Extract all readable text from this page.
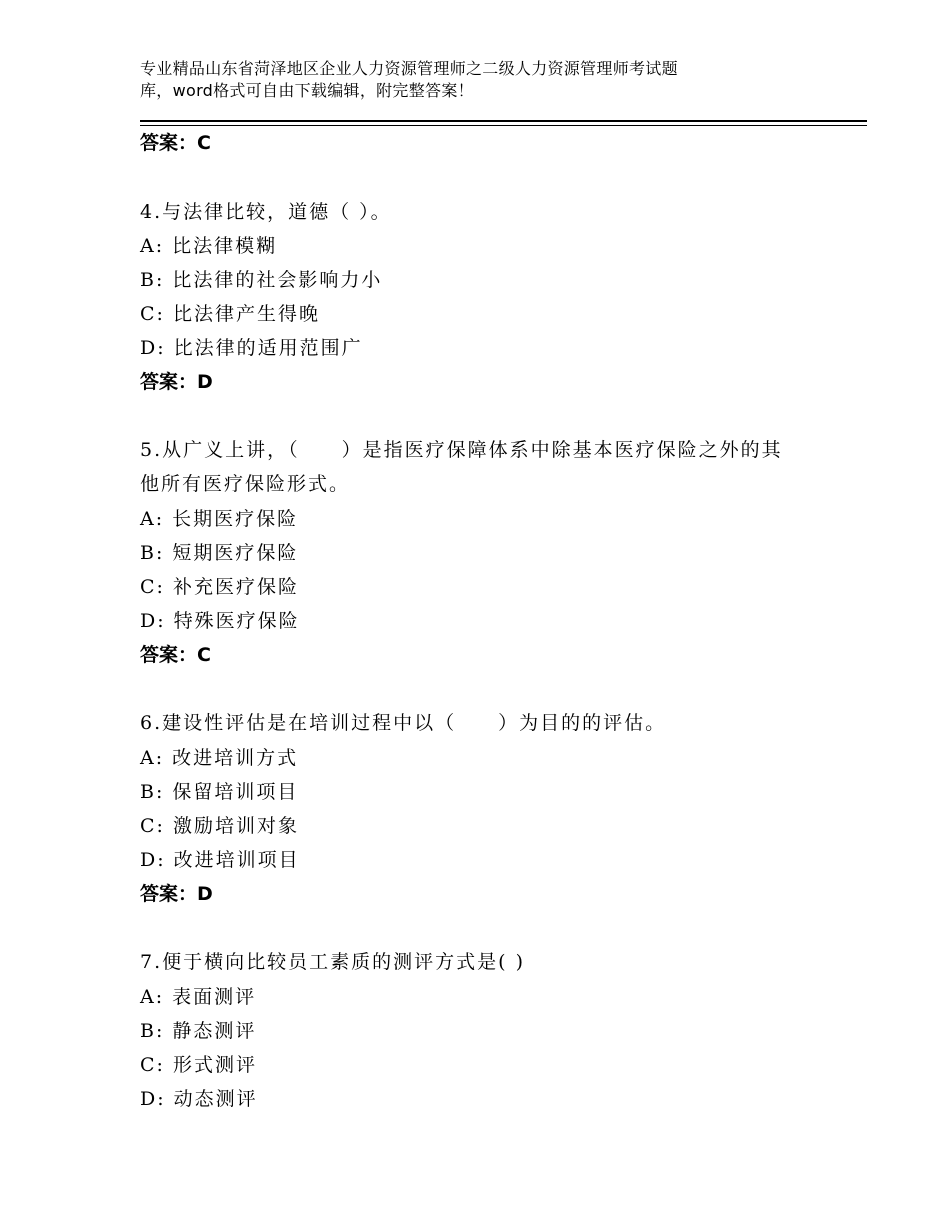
专业精品山东省菏泽地区企业人力资源管理师之二级人力资源管理师考试题
库，word格式可自由下载编辑，附完整答案！
答案：C
4.与法律比较，道德（ ）。
A: 比法律模糊
B: 比法律的社会影响力小
C: 比法律产生得晚
D: 比法律的适用范围广
答案：D
5.从广义上讲，（　　）是指医疗保障体系中除基本医疗保险之外的其他所有医疗保险形式。
A: 长期医疗保险
B: 短期医疗保险
C: 补充医疗保险
D: 特殊医疗保险
答案：C
6.建设性评估是在培训过程中以（　　）为目的的评估。
A: 改进培训方式
B: 保留培训项目
C: 激励培训对象
D: 改进培训项目
答案：D
7.便于横向比较员工素质的测评方式是( )
A: 表面测评
B: 静态测评
C: 形式测评
D: 动态测评
